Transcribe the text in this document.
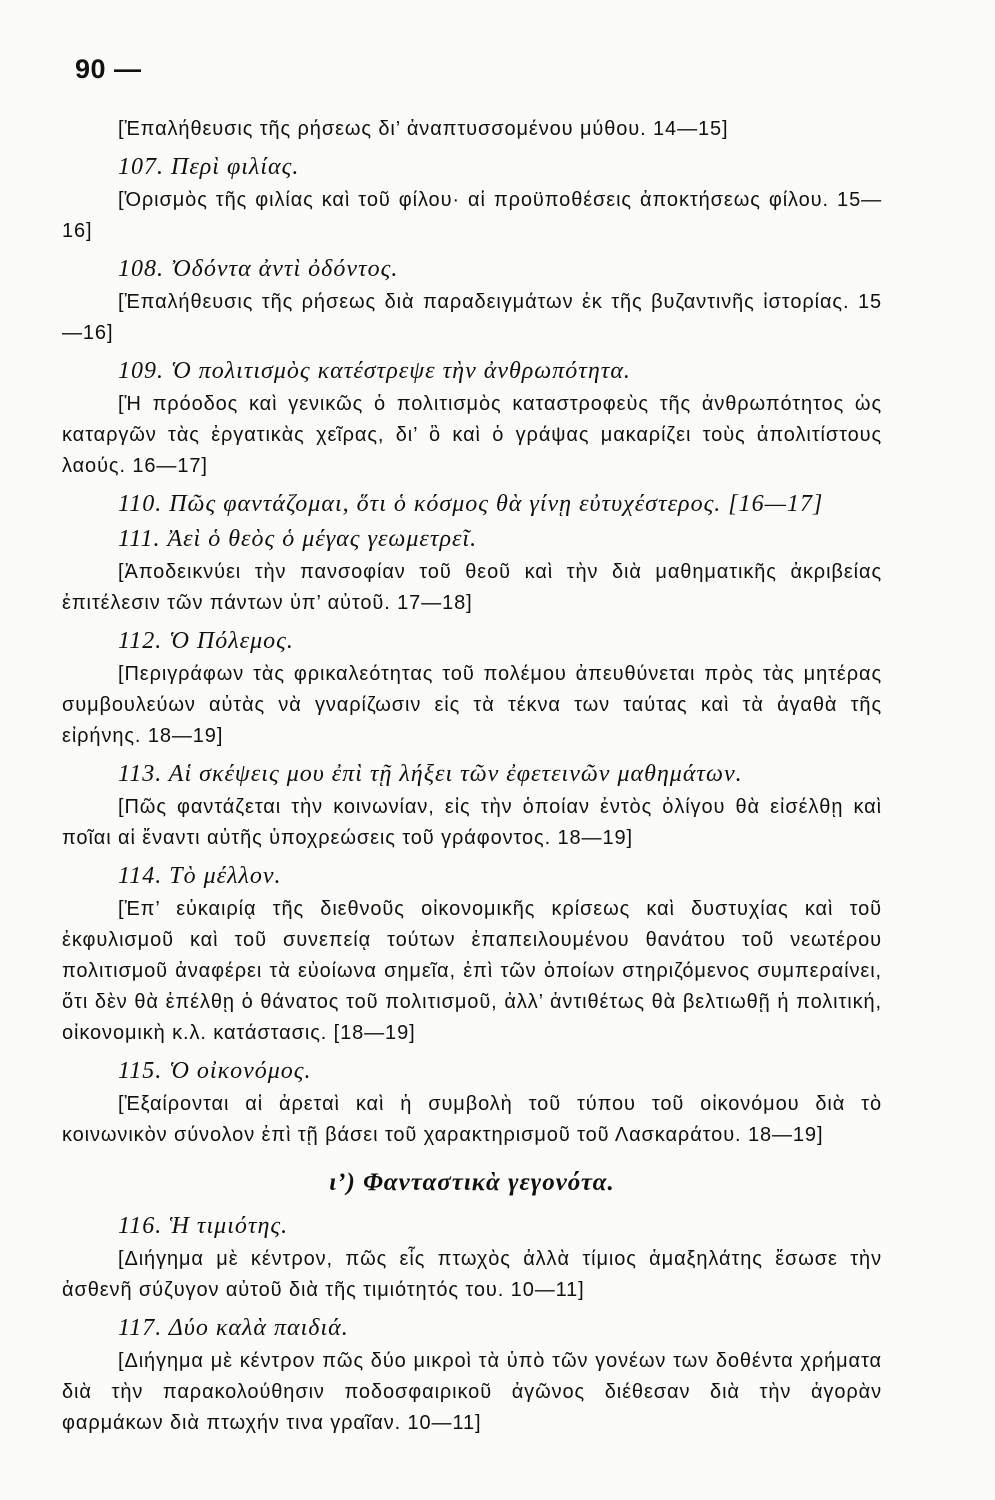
90 —

[Ἐπαλήθευσις τῆς ρήσεως δι’ ἀναπτυσσομένου μύθου. 14—15]

107. Περὶ φιλίας.

[Ὁρισμὸς τῆς φιλίας καὶ τοῦ φίλου· αἱ προϋποθέσεις ἀποκτήσεως φίλου. 15—16]

108. Ὀδόντα ἀντὶ ὀδόντος.

[Ἐπαλήθευσις τῆς ρήσεως διὰ παραδειγμάτων ἐκ τῆς βυζαντινῆς ἱστορίας. 15—16]

109. Ὁ πολιτισμὸς κατέστρεψε τὴν ἀνθρωπότητα.

[Ἡ πρόοδος καὶ γενικῶς ὁ πολιτισμὸς καταστροφεὺς τῆς ἀνθρωπότητος ὡς καταργῶν τὰς ἐργατικὰς χεῖρας, δι’ ὃ καὶ ὁ γράψας μακαρίζει τοὺς ἀπολιτίστους λαούς. 16—17]

110. Πῶς φαντάζομαι, ὅτι ὁ κόσμος θὰ γίνῃ εὐτυχέστερος. [16—17]

111. Ἀεὶ ὁ θεὸς ὁ μέγας γεωμετρεῖ.

[Ἀποδεικνύει τὴν πανσοφίαν τοῦ θεοῦ καὶ τὴν διὰ μαθηματικῆς ἀκριβείας ἐπιτέλεσιν τῶν πάντων ὑπ’ αὐτοῦ. 17—18]

112. Ὁ Πόλεμος.

[Περιγράφων τὰς φρικαλεότητας τοῦ πολέμου ἀπευθύνεται πρὸς τὰς μητέρας συμβουλεύων αὐτὰς νὰ γναρίζωσιν εἰς τὰ τέκνα των ταύτας καὶ τὰ ἀγαθὰ τῆς εἰρήνης. 18—19]

113. Αἱ σκέψεις μου ἐπὶ τῇ λήξει τῶν ἐφετεινῶν μαθημάτων.

[Πῶς φαντάζεται τὴν κοινωνίαν, εἰς τὴν ὁποίαν ἐντὸς ὀλίγου θὰ εἰσέλθῃ καὶ ποῖαι αἱ ἔναντι αὐτῆς ὑποχρεώσεις τοῦ γράφοντος. 18—19]

114. Τὸ μέλλον.

[Ἐπ’ εὐκαιρίᾳ τῆς διεθνοῦς οἰκονομικῆς κρίσεως καὶ δυστυχίας καὶ τοῦ ἐκφυλισμοῦ καὶ τοῦ συνεπείᾳ τούτων ἐπαπειλουμένου θανάτου τοῦ νεωτέρου πολιτισμοῦ ἀναφέρει τὰ εὐοίωνα σημεῖα, ἐπὶ τῶν ὁποίων στηριζόμενος συμπεραίνει, ὅτι δὲν θὰ ἐπέλθῃ ὁ θάνατος τοῦ πολιτισμοῦ, ἀλλ’ ἀντιθέτως θὰ βελτιωθῇ ἡ πολιτική, οἰκονομικὴ κ.λ. κατάστασις. [18—19]

115. Ὁ οἰκονόμος.

[Ἐξαίρονται αἱ ἀρεταὶ καὶ ἡ συμβολὴ τοῦ τύπου τοῦ οἰκονόμου διὰ τὸ κοινωνικὸν σύνολον ἐπὶ τῇ βάσει τοῦ χαρακτηρισμοῦ τοῦ Λασκαράτου. 18—19]

ι’) Φανταστικὰ γεγονότα.

116. Ἡ τιμιότης.

[Διήγημα μὲ κέντρον, πῶς εἷς πτωχὸς ἀλλὰ τίμιος ἁμαξηλάτης ἔσωσε τὴν ἀσθενῆ σύζυγον αὐτοῦ διὰ τῆς τιμιότητός του. 10—11]

117. Δύο καλὰ παιδιά.

[Διήγημα μὲ κέντρον πῶς δύο μικροὶ τὰ ὑπὸ τῶν γονέων των δοθέντα χρήματα διὰ τὴν παρακολούθησιν ποδοσφαιρικοῦ ἀγῶνος διέθεσαν διὰ τὴν ἀγορὰν φαρμάκων διὰ πτωχήν τινα γραῖαν. 10—11]
